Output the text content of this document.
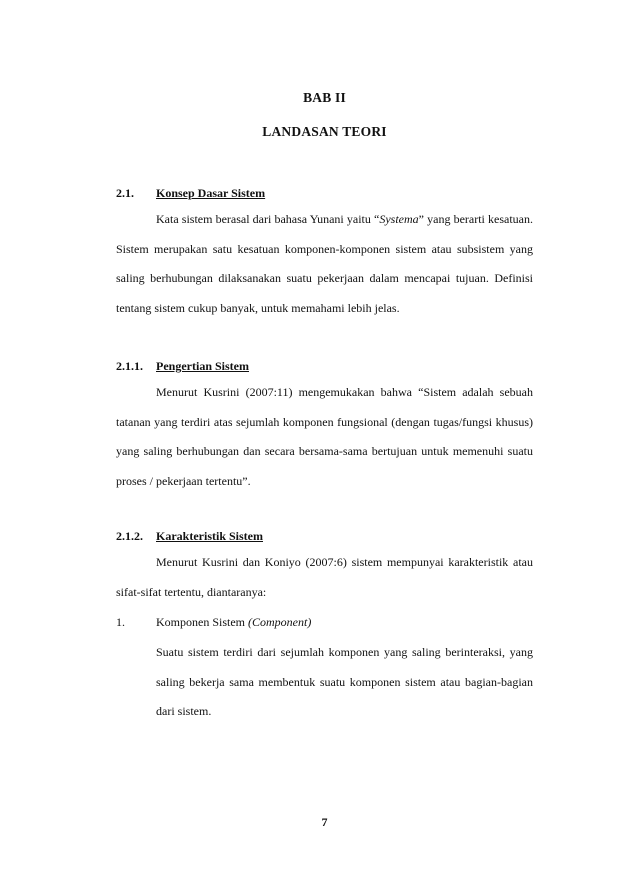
BAB II
LANDASAN TEORI
2.1. Konsep Dasar Sistem
Kata sistem berasal dari bahasa Yunani yaitu “Systema” yang berarti kesatuan. Sistem merupakan satu kesatuan komponen-komponen sistem atau subsistem yang saling berhubungan dilaksanakan suatu pekerjaan dalam mencapai tujuan. Definisi tentang sistem cukup banyak, untuk memahami lebih jelas.
2.1.1. Pengertian Sistem
Menurut Kusrini (2007:11) mengemukakan bahwa “Sistem adalah sebuah tatanan yang terdiri atas sejumlah komponen fungsional (dengan tugas/fungsi khusus) yang saling berhubungan dan secara bersama-sama bertujuan untuk memenuhi suatu proses / pekerjaan tertentu”.
2.1.2. Karakteristik Sistem
Menurut Kusrini dan Koniyo (2007:6) sistem mempunyai karakteristik atau sifat-sifat tertentu, diantaranya:
1.	Komponen Sistem (Component)
Suatu sistem terdiri dari sejumlah komponen yang saling berinteraksi, yang saling bekerja sama membentuk suatu komponen sistem atau bagian-bagian dari sistem.
7
